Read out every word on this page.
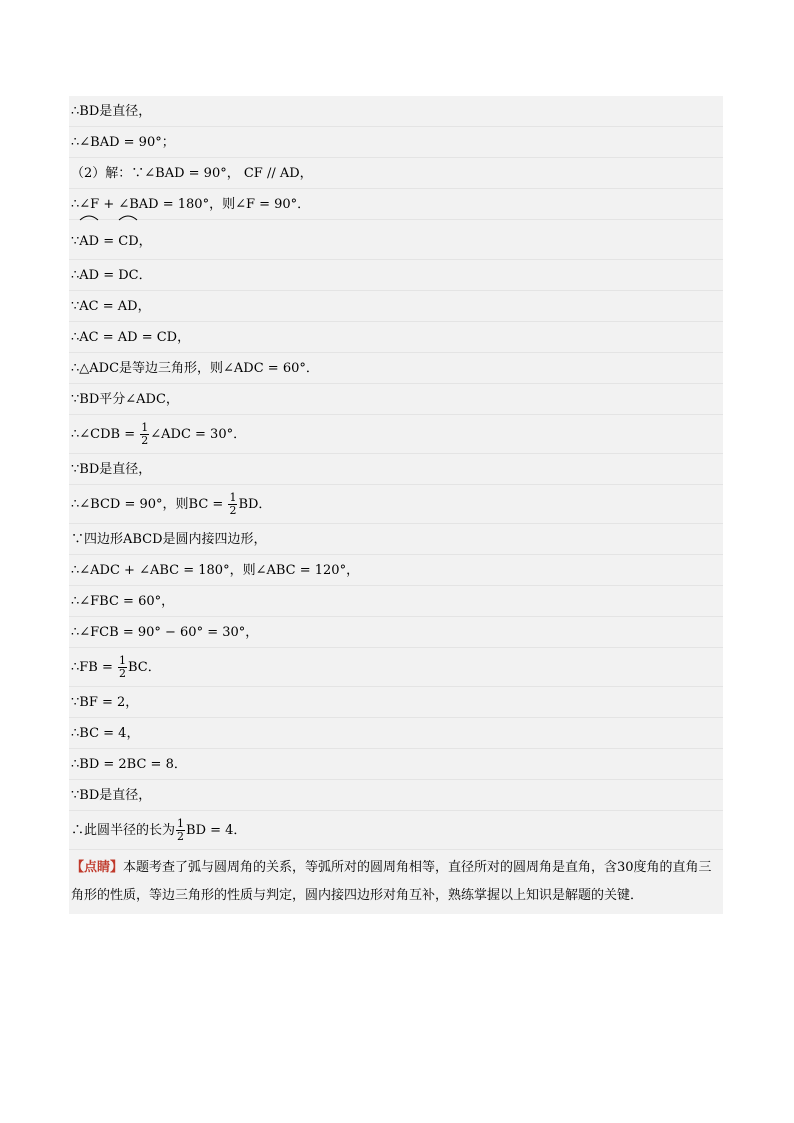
∴BD是直径，
∴∠BAD = 90°；
（2）解：∵∠BAD = 90°， CF // AD，
∴∠F + ∠BAD = 180°，则∠F = 90°．
∵
AD =
CD，
∴AD = DC．
∵AC = AD，
∴AC = AD = CD，
∴△ADC是等边三角形，则∠ADC = 60°．
∵BD平分∠ADC，
∴∠CDB = $\frac{1}{2}$ ∠ADC = 30°．
∵BD是直径，
∴∠BCD = 90°，则BC = $\frac{1}{2}$ BD．
∵四边形ABCD是圆内接四边形，
∴∠ADC + ∠ABC = 180°，则∠ABC = 120°，
∴∠FBC = 60°，
∴∠FCB = 90° − 60° = 30°，
∴FB = $\frac{1}{2}$ BC．
∵BF = 2，
∴BC = 4，
∴BD = 2BC = 8．
∵BD是直径，
∴此圆半径的长为 $\frac{1}{2}$ BD = 4．
【点睛】本题考查了弧与圆周角的关系，等弧所对的圆周角相等，直径所对的圆周角是直角，含30度角的直角三角形的性质，等边三角形的性质与判定，圆内接四边形对角互补，熟练掌握以上知识是解题的关键．
